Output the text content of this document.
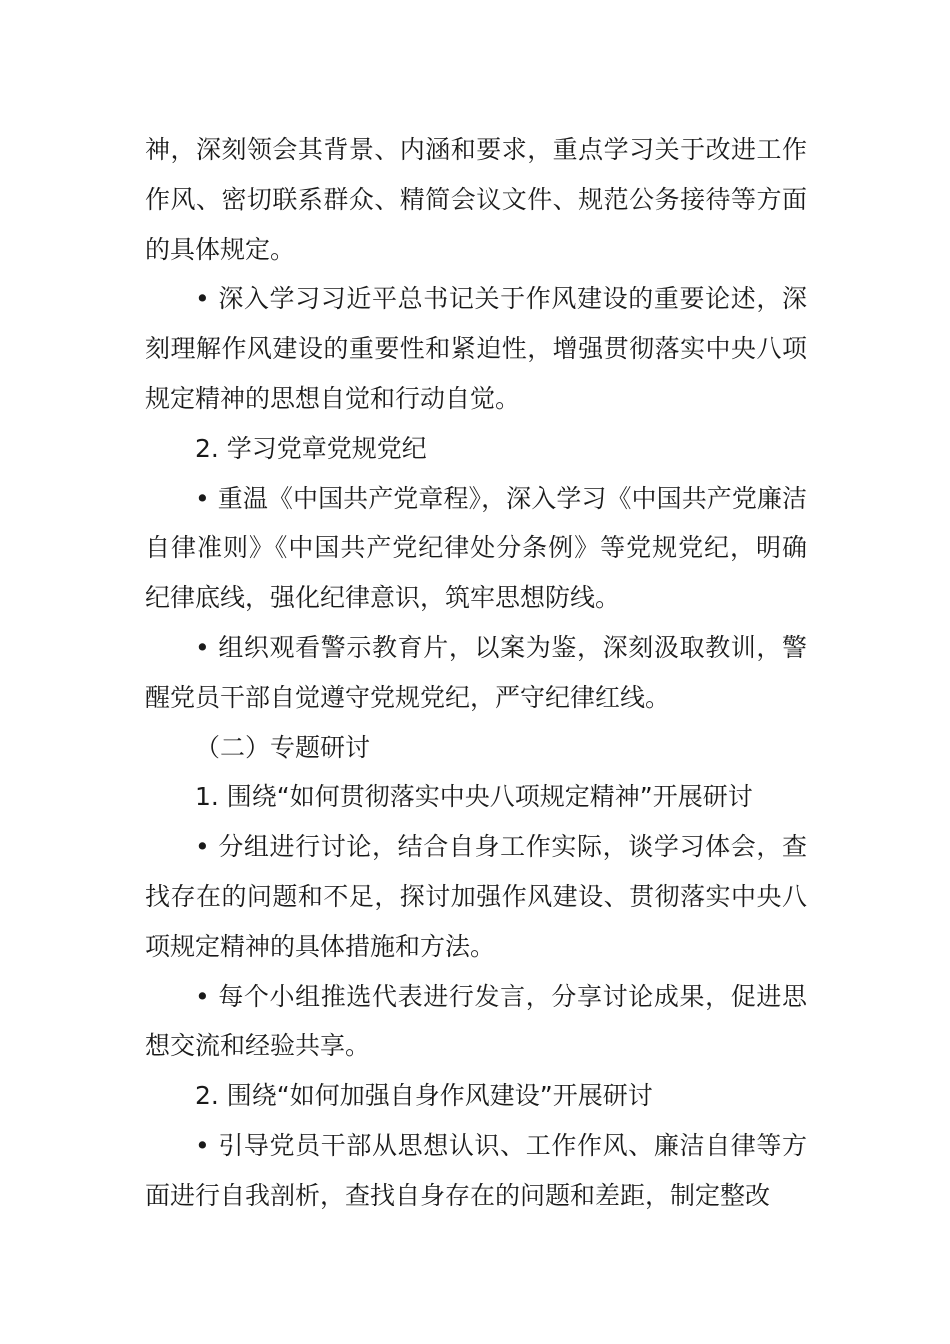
神，深刻领会其背景、内涵和要求，重点学习关于改进工作作风、密切联系群众、精简会议文件、规范公务接待等方面的具体规定。

• 深入学习习近平总书记关于作风建设的重要论述，深刻理解作风建设的重要性和紧迫性，增强贯彻落实中央八项规定精神的思想自觉和行动自觉。

2. 学习党章党规党纪

• 重温《中国共产党章程》，深入学习《中国共产党廉洁自律准则》《中国共产党纪律处分条例》等党规党纪，明确纪律底线，强化纪律意识，筑牢思想防线。

• 组织观看警示教育片，以案为鉴，深刻汲取教训，警醒党员干部自觉遵守党规党纪，严守纪律红线。

（二）专题研讨

1. 围绕“如何贯彻落实中央八项规定精神”开展研讨

• 分组进行讨论，结合自身工作实际，谈学习体会，查找存在的问题和不足，探讨加强作风建设、贯彻落实中央八项规定精神的具体措施和方法。

• 每个小组推选代表进行发言，分享讨论成果，促进思想交流和经验共享。

2. 围绕“如何加强自身作风建设”开展研讨

• 引导党员干部从思想认识、工作作风、廉洁自律等方面进行自我剖析，查找自身存在的问题和差距，制定整改
